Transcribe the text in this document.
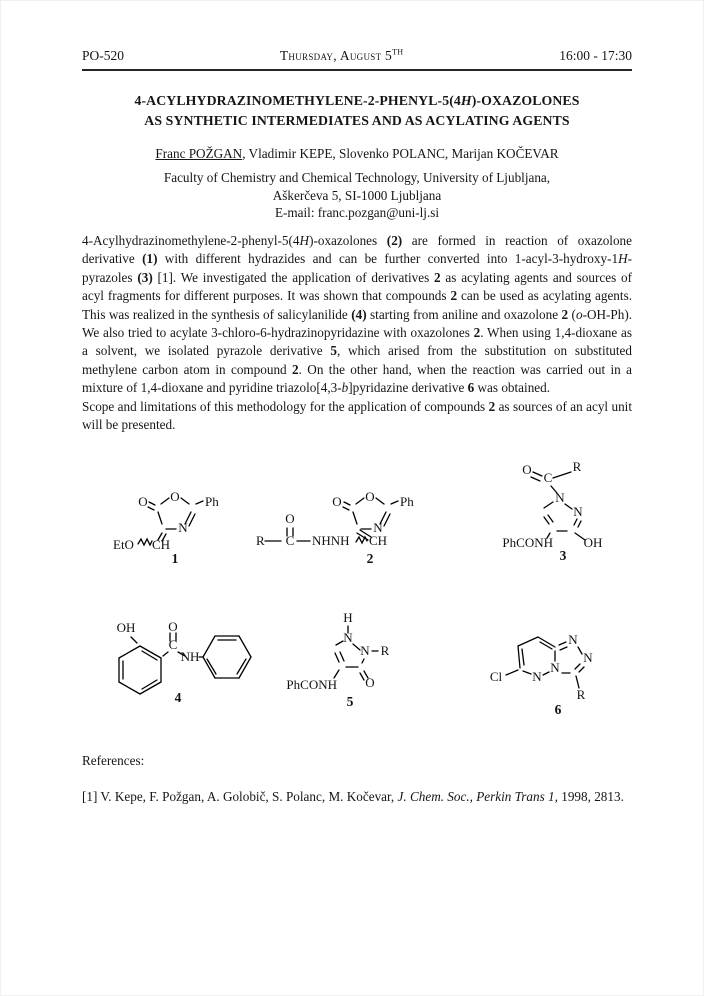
PO-520	Thursday, August 5TH	16:00 - 17:30
4-ACYLHYDRAZINOMETHYLENE-2-PHENYL-5(4H)-OXAZOLONES
AS SYNTHETIC INTERMEDIATES AND AS ACYLATING AGENTS
Franc POŽGAN, Vladimir KEPE, Slovenko POLANC, Marijan KOČEVAR
Faculty of Chemistry and Chemical Technology, University of Ljubljana,
Aškerčeva 5, SI-1000 Ljubljana
E-mail: franc.pozgan@uni-lj.si
4-Acylhydrazinomethylene-2-phenyl-5(4H)-oxazolones (2) are formed in reaction of oxazolone derivative (1) with different hydrazides and can be further converted into 1-acyl-3-hydroxy-1H-pyrazoles (3) [1]. We investigated the application of derivatives 2 as acylating agents and sources of acyl fragments for different purposes. It was shown that compounds 2 can be used as acylating agents. This was realized in the synthesis of salicylanilide (4) starting from aniline and oxazolone 2 (o-OH-Ph). We also tried to acylate 3-chloro-6-hydrazinopyridazine with oxazolones 2. When using 1,4-dioxane as a solvent, we isolated pyrazole derivative 5, which arised from the substitution on substituted methylene carbon atom in compound 2. On the other hand, when the reaction was carried out in a mixture of 1,4-dioxane and pyridine triazolo[4,3-b]pyridazine derivative 6 was obtained.
Scope and limitations of this methodology for the application of compounds 2 as sources of an acyl unit will be presented.
O O Ph
N
EtO CH
1
R C
O
NHNH CH
O O Ph
N
2
O
C
R
N
N
OH
PhCONH
3
OH	O
C
NH
4
H
N
N R
O
PhCONH
5
Cl N
N
N
N
R
6
References:
[1] V. Kepe, F. Požgan, A. Golobič, S. Polanc, M. Kočevar, J. Chem. Soc., Perkin Trans 1, 1998, 2813.
